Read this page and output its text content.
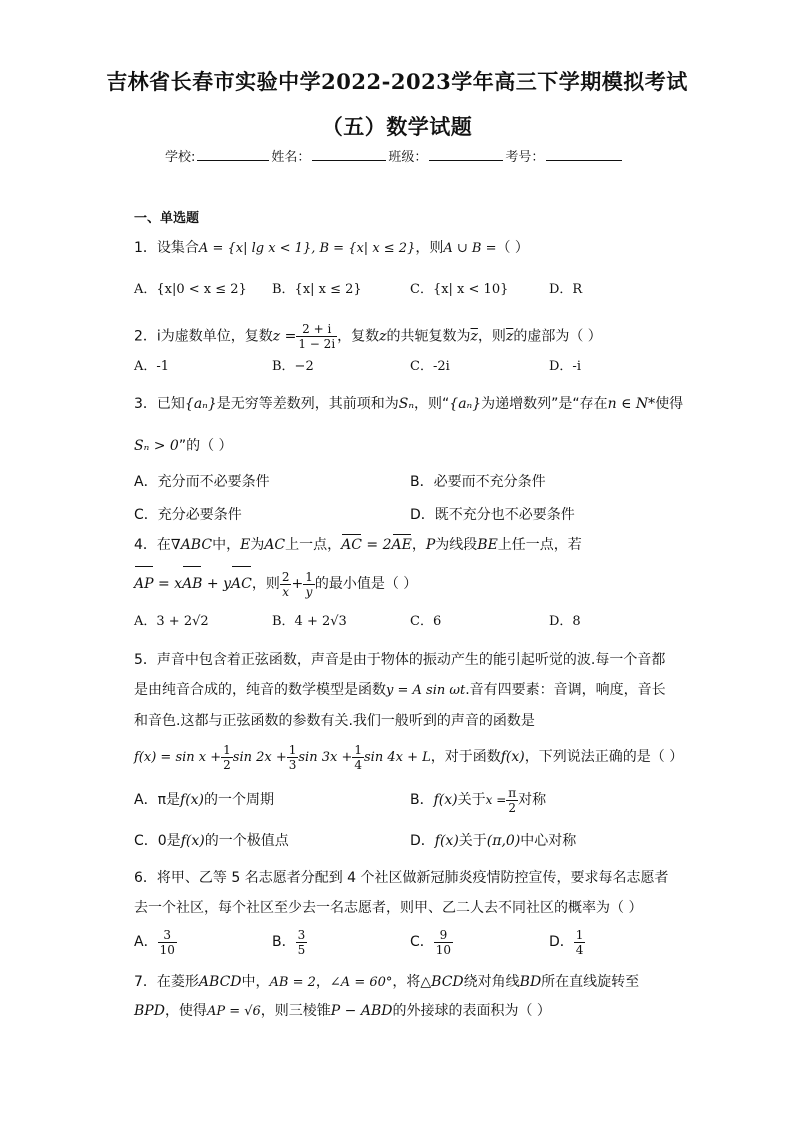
吉林省长春市实验中学2022-2023学年高三下学期模拟考试
（五）数学试题
学校:	姓名：	班级：	考号：
一、单选题
1．设集合A = {x| lg x < 1}, B = {x| x ≤ 2}，则A ∪ B =（ ）
A．{x|0 < x ≤ 2} B．{x| x ≤ 2}	C．{x| x < 10}	D．R
2．i为虚数单位，复数$z = \frac{2 + i}{1 - 2i}$ ，复数z的共轭复数为$\overline{z}$，则$\overline{z}$的虚部为（ ）
A．-1	B．−2	C．-2i	D．-i
3．已知{aₙ}是无穷等差数列，其前项和为Sₙ，则“{aₙ}为递增数列”是“存在n ∈ N*使得
Sₙ > 0”的（ ）
A．充分而不必要条件	B．必要而不充分条件
C．充分必要条件	D．既不充分也不必要条件
4．在∇ABC中，E为AC上一点，AC = 2AE，P为线段BE上任一点，若
AP = xAB + yAC，则 $\frac{2}{x} + \frac{1}{y}$ 的最小值是（ ）
A．3 + 2√2	B．4 + 2√3	C．6	D．8
5．声音中包含着正弦函数，声音是由于物体的振动产生的能引起听觉的波.每一个音都
是由纯音合成的，纯音的数学模型是函数y = A sin ωt.音有四要素：音调，响度，音长
和音色.这都与正弦函数的参数有关.我们一般听到的声音的函数是
$f(x) = \sin x + \frac{1}{2}$ $\sin 2x + \frac{1}{3}$ $\sin 3x + \frac{1}{4}$ sin 4x + L，对于函数f(x)，下列说法正确的是（ ）
A．π是f(x)的一个周期	B．f(x)关于$x = \frac{\pi}{2}$ 对称
C．0是f(x)的一个极值点	D．f(x)关于(π,0)中心对称
6．将甲、乙等 5 名志愿者分配到 4 个社区做新冠肺炎疫情防控宣传，要求每名志愿者
去一个社区，每个社区至少去一名志愿者，则甲、乙二人去不同社区的概率为（ ）
A． $\frac{3}{10}$	B． $\frac{3}{5}$	C． $\frac{9}{10}$	D． $\frac{1}{4}$
7．在菱形ABCD中，AB = 2，∠A = 60°，将△BCD绕对角线BD所在直线旋转至
BPD，使得AP = √6，则三棱锥P − ABD的外接球的表面积为（ ）
